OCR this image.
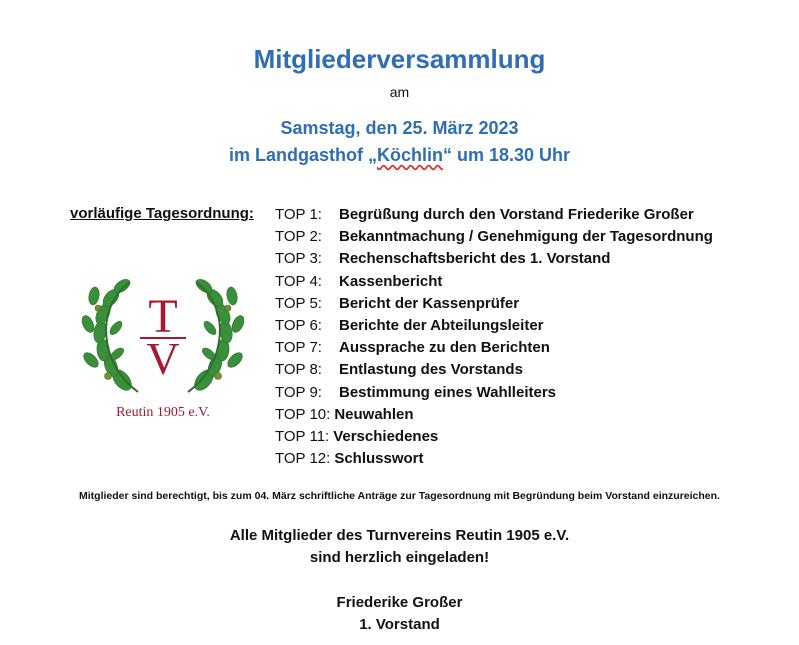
Mitgliederversammlung
am
Samstag, den 25. März 2023
im Landgasthof „Köchlin“ um 18.30 Uhr
vorläufige Tagesordnung: TOP 1:	Begrüßung durch den Vorstand Friederike Großer
TOP 2:	Bekanntmachung / Genehmigung der Tagesordnung
TOP 3:	Rechenschaftsbericht des 1. Vorstand
TOP 4:	Kassenbericht
TOP 5:	Bericht der Kassenprüfer
TOP 6:	Berichte der Abteilungsleiter
TOP 7:	Aussprache zu den Berichten
TOP 8:	Entlastung des Vorstands
TOP 9:	Bestimmung eines Wahlleiters
TOP 10: Neuwahlen
TOP 11: Verschiedenes
TOP 12: Schlusswort
T
V
Reutin 1905 e.V.
Mitglieder sind berechtigt, bis zum 04. März schriftliche Anträge zur Tagesordnung mit Begründung beim Vorstand einzureichen.
Alle Mitglieder des Turnvereins Reutin 1905 e.V.
sind herzlich eingeladen!
Friederike Großer
1. Vorstand
